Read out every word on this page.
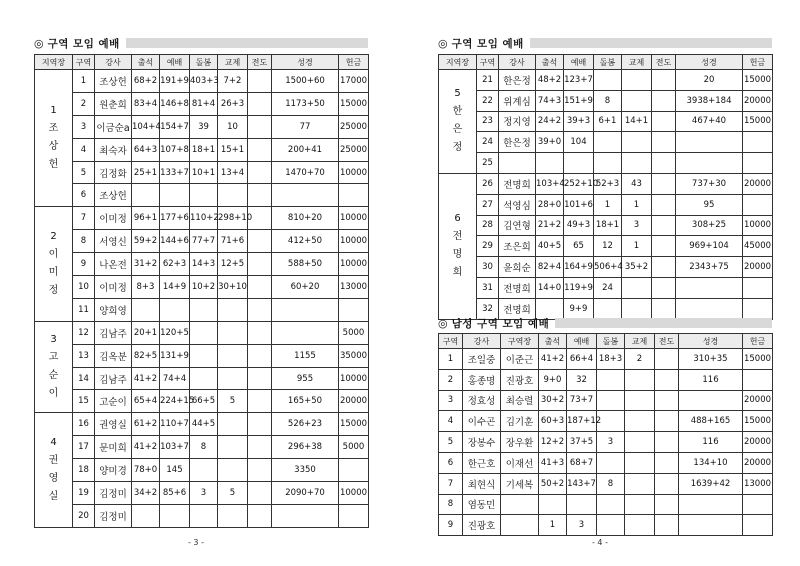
◎ 구역 모임 예배
지역장	구역	강사	출석	예배	돌봄	교제	전도	성경	헌금

1
조
상
헌	1	조상헌	68+2	191+9	403+3	7+2		1500+60	17000
	2	원춘희	83+4	146+8	81+4	26+3		1173+50	15000
	3	이금순a	104+4	154+7	39	10		77	25000
	4	최숙자	64+3	107+8	18+1	15+1		200+41	25000
	5	김정화	25+1	133+7	10+1	13+4		1470+70	10000
	6	조상헌							

2
이
미
정	7	이미정	96+1	177+6	110+2	298+10		810+20	10000
	8	서영신	59+2	144+6	77+7	71+6		412+50	10000
	9	나온전	31+2	62+3	14+3	12+5		588+50	10000
	10	이미정	8+3	14+9	10+2	30+10		60+20	13000
	11	양희영							

3
고
순
이	12	김남주	20+1	120+5					5000
	13	김옥분	82+5	131+9				1155	35000
	14	김남주	41+2	74+4				955	10000
	15	고순이	65+4	224+15	66+5	5		165+50	20000

4
권
영
실	16	권영실	61+2	110+7	44+5			526+23	15000
	17	문미희	41+2	103+7	8			296+38	5000
	18	양미경	78+0	145				3350	
	19	김정미	34+2	85+6	3	5		2090+70	10000
	20	김정미							
- 3 -
◎ 구역 모임 예배
지역장	구역	강사	출석	예배	돌봄	교제	전도	성경	헌금

5
한
은
정	21	한은정	48+2	123+7				20	15000
	22	위계심	74+3	151+9	8			3938+184	20000
	23	정지영	24+2	39+3	6+1	14+1		467+40	15000
	24	한은정	39+0	104					
	25								

6
전
명
희	26	전명희	103+4	252+10	52+3	43		737+30	20000
	27	석영심	28+0	101+6	1	1		95	
	28	김연형	21+2	49+3	18+1	3		308+25	10000
	29	조은희	40+5	65	12	1		969+104	45000
	30	윤희순	82+4	164+9	506+4	35+2		2343+75	20000
	31	전명희	14+0	119+9	24				
	32	전명희		9+9					
◎ 남성 구역 모임 예배
구역	강사	구역장	출석	예배	돌봄	교제	전도	성경	헌금
1	조일중	이준근	41+2	66+4	18+3	2		310+35	15000
2	홍종명	진광호	9+0	32				116	
3	정효성	최승렬	30+2	73+7					20000
4	이수곤	김기훈	60+3	187+12				488+165	15000
5	장봉수	장우환	12+2	37+5	3			116	20000
6	한근호	이재선	41+3	68+7				134+10	20000
7	최현식	기세복	50+2	143+7	8			1639+42	13000
8	염동민								
9	진광호		1	3					
- 4 -
